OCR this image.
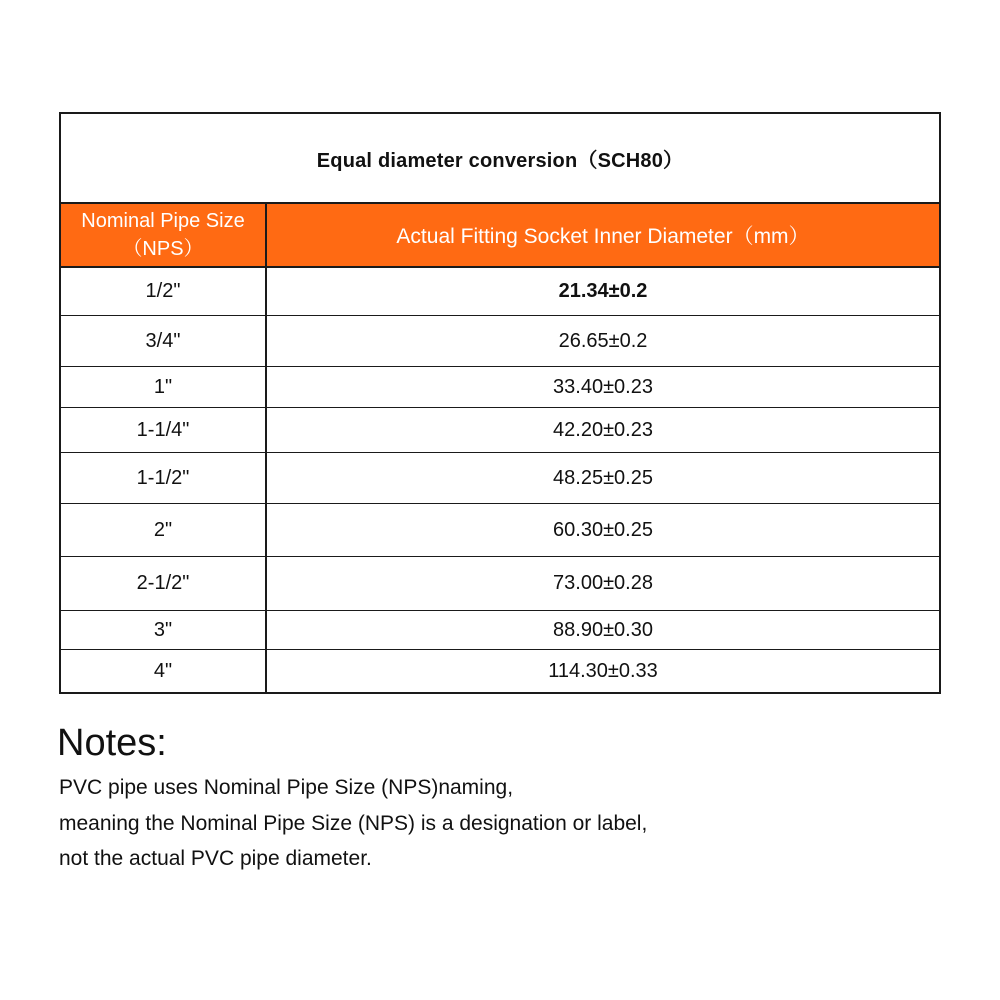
Equal diameter conversion（SCH80）
Nominal Pipe Size
（NPS）
Actual Fitting Socket Inner Diameter（mm）
1/2"	21.34±0.2
3/4"	26.65±0.2
1"	33.40±0.23
1-1/4"	42.20±0.23
1-1/2"	48.25±0.25
2"	60.30±0.25
2-1/2"	73.00±0.28
3"	88.90±0.30
4"	114.30±0.33
Notes:
PVC pipe uses Nominal Pipe Size (NPS)naming,
meaning the Nominal Pipe Size (NPS) is a designation or label,
not the actual PVC pipe diameter.
